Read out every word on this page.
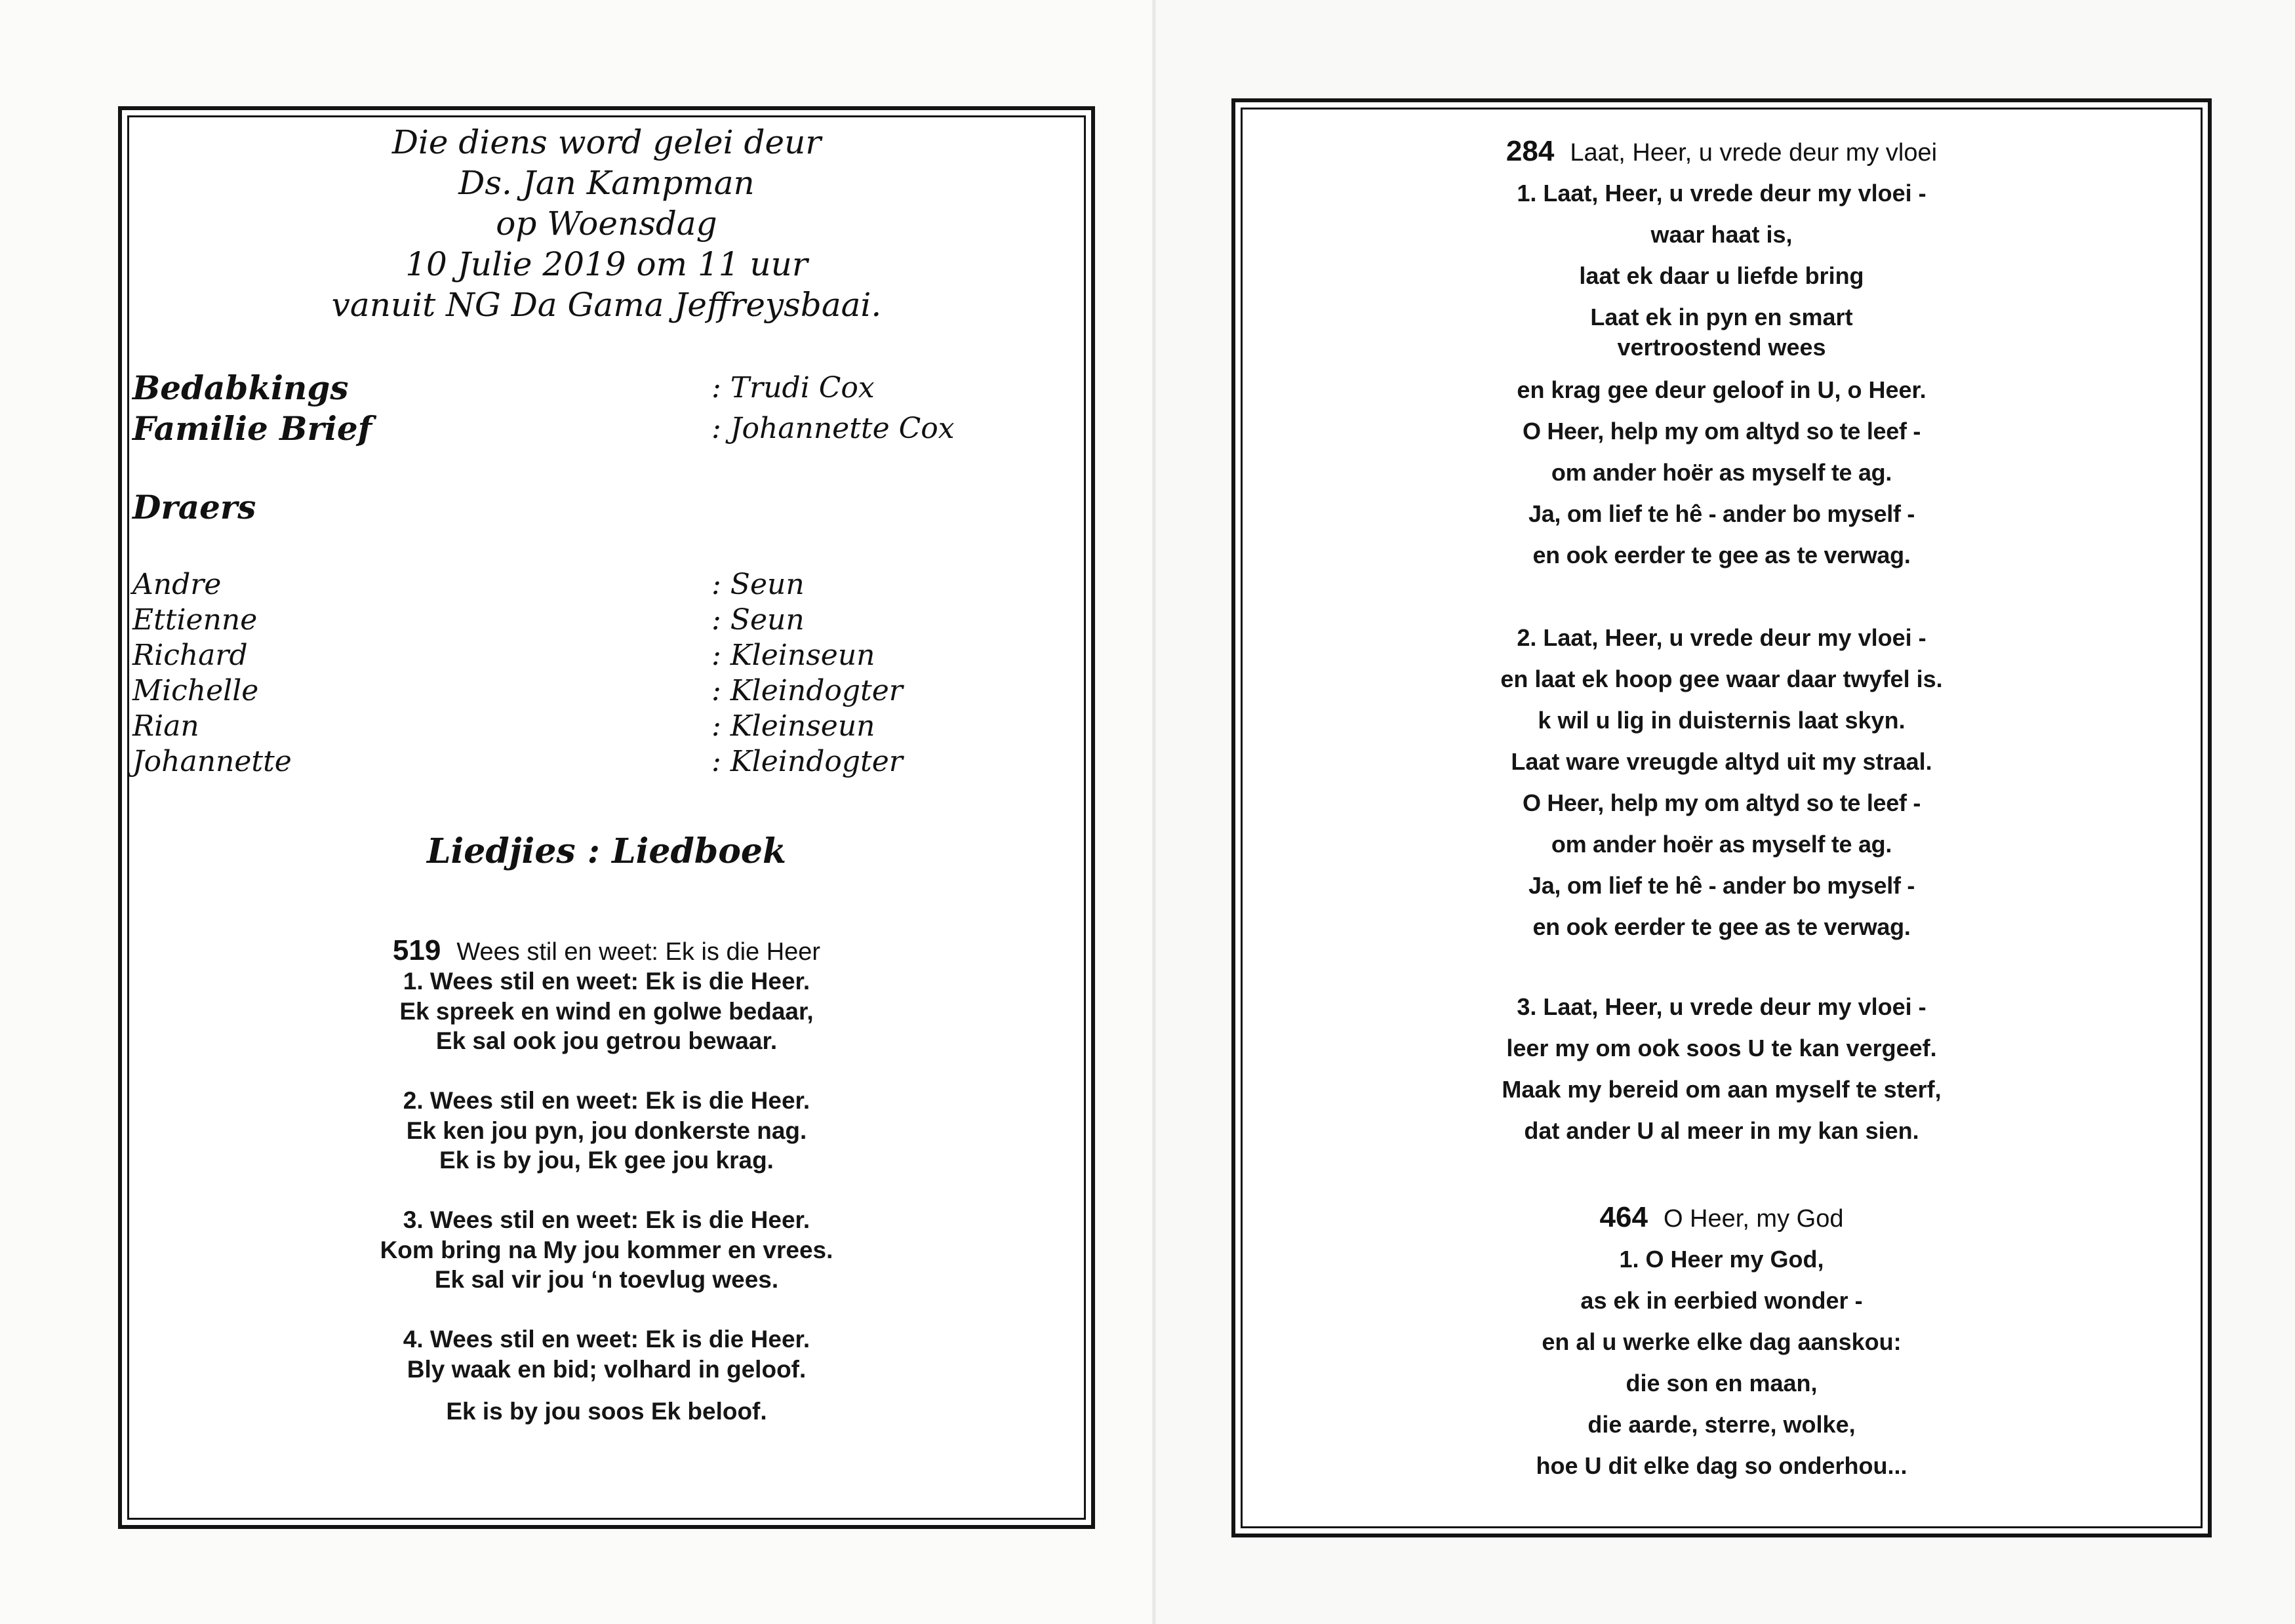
Die diens word gelei deur
Ds. Jan Kampman
op Woensdag
10 Julie 2019 om 11 uur
vanuit NG Da Gama Jeffreysbaai.
Bedabkings	: Trudi Cox
Familie Brief	: Johannette Cox
Draers
Andre	: Seun
Ettienne	: Seun
Richard	: Kleinseun
Michelle	: Kleindogter
Rian	: Kleinseun
Johannette	: Kleindogter
Liedjies : Liedboek
519 Wees stil en weet: Ek is die Heer
1. Wees stil en weet: Ek is die Heer.
Ek spreek en wind en golwe bedaar,
Ek sal ook jou getrou bewaar.
2. Wees stil en weet: Ek is die Heer.
Ek ken jou pyn, jou donkerste nag.
Ek is by jou, Ek gee jou krag.
3. Wees stil en weet: Ek is die Heer.
Kom bring na My jou kommer en vrees.
Ek sal vir jou ‘n toevlug wees.
4. Wees stil en weet: Ek is die Heer.
Bly waak en bid; volhard in geloof.
Ek is by jou soos Ek beloof.
284 Laat, Heer, u vrede deur my vloei
1. Laat, Heer, u vrede deur my vloei -
waar haat is,
laat ek daar u liefde bring
Laat ek in pyn en smart
vertroostend wees
en krag gee deur geloof in U, o Heer.
O Heer, help my om altyd so te leef -
om ander hoër as myself te ag.
Ja, om lief te hê - ander bo myself -
en ook eerder te gee as te verwag.
2. Laat, Heer, u vrede deur my vloei -
en laat ek hoop gee waar daar twyfel is.
k wil u lig in duisternis laat skyn.
Laat ware vreugde altyd uit my straal.
O Heer, help my om altyd so te leef -
om ander hoër as myself te ag.
Ja, om lief te hê - ander bo myself -
en ook eerder te gee as te verwag.
3. Laat, Heer, u vrede deur my vloei -
leer my om ook soos U te kan vergeef.
Maak my bereid om aan myself te sterf,
dat ander U al meer in my kan sien.
464 O Heer, my God
1. O Heer my God,
as ek in eerbied wonder -
en al u werke elke dag aanskou:
die son en maan,
die aarde, sterre, wolke,
hoe U dit elke dag so onderhou...
